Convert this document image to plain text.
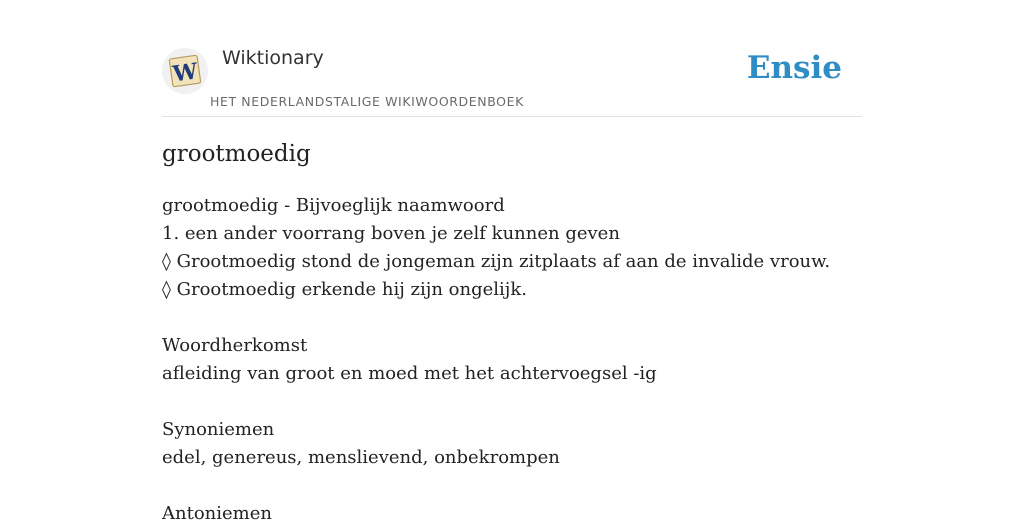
W
Wiktionary
HET NEDERLANDSTALIGE WIKIWOORDENBOEK
Ensie
grootmoedig
grootmoedig - Bijvoeglijk naamwoord
1. een ander voorrang boven je zelf kunnen geven
◊ Grootmoedig stond de jongeman zijn zitplaats af aan de invalide vrouw.
◊ Grootmoedig erkende hij zijn ongelijk.
Woordherkomst
afleiding van groot en moed met het achtervoegsel -ig
Synoniemen
edel, genereus, menslievend, onbekrompen
Antoniemen
